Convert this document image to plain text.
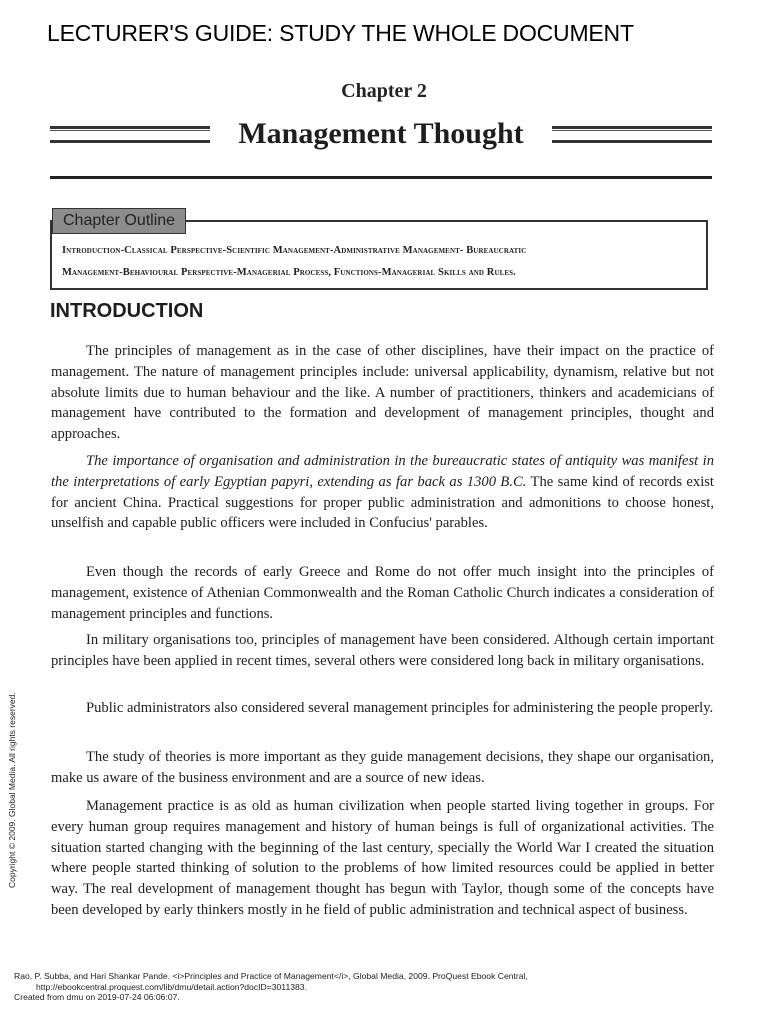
LECTURER'S GUIDE: STUDY THE WHOLE DOCUMENT
Chapter 2
Management Thought
Chapter Outline
Introduction-Classical Perspective-Scientific Management-Administrative Management- Bureaucratic
Management-Behavioural Perspective-Managerial Process, Functions-Managerial Skills and Rules.
INTRODUCTION

The principles of management as in the case of other disciplines, have their impact on the practice of management. The nature of management principles include: universal applicability, dynamism, relative but not absolute limits due to human behaviour and the like. A number of practitioners, thinkers and academicians of management have contributed to the formation and development of management principles, thought and approaches.

The importance of organisation and administration in the bureaucratic states of antiquity was manifest in the interpretations of early Egyptian papyri, extending as far back as 1300 B.C. The same kind of records exist for ancient China. Practical suggestions for proper public administration and admonitions to choose honest, unselfish and capable public officers were included in Confucius' parables.

Even though the records of early Greece and Rome do not offer much insight into the principles of management, existence of Athenian Commonwealth and the Roman Catholic Church indicates a consideration of management principles and functions.

In military organisations too, principles of management have been considered. Although certain important principles have been applied in recent times, several others were considered long back in military organisations.

Public administrators also considered several management principles for administering the people properly.

The study of theories is more important as they guide management decisions, they shape our organisation, make us aware of the business environment and are a source of new ideas.

Management practice is as old as human civilization when people started living together in groups. For every human group requires management and history of human beings is full of organizational activities. The situation started changing with the beginning of the last century, specially the World War I created the situation where people started thinking of solution to the problems of how limited resources could be applied in better way. The real development of management thought has begun with Taylor, though some of the concepts have been developed by early thinkers mostly in he field of public administration and technical aspect of business.

Copyright © 2009. Global Media. All rights reserved.
Rao, P. Subba, and Hari Shankar Pande. <i>Principles and Practice of Management</i>, Global Media, 2009. ProQuest Ebook Central,
http://ebookcentral.proquest.com/lib/dmu/detail.action?docID=3011383.
Created from dmu on 2019-07-24 06:06:07.
